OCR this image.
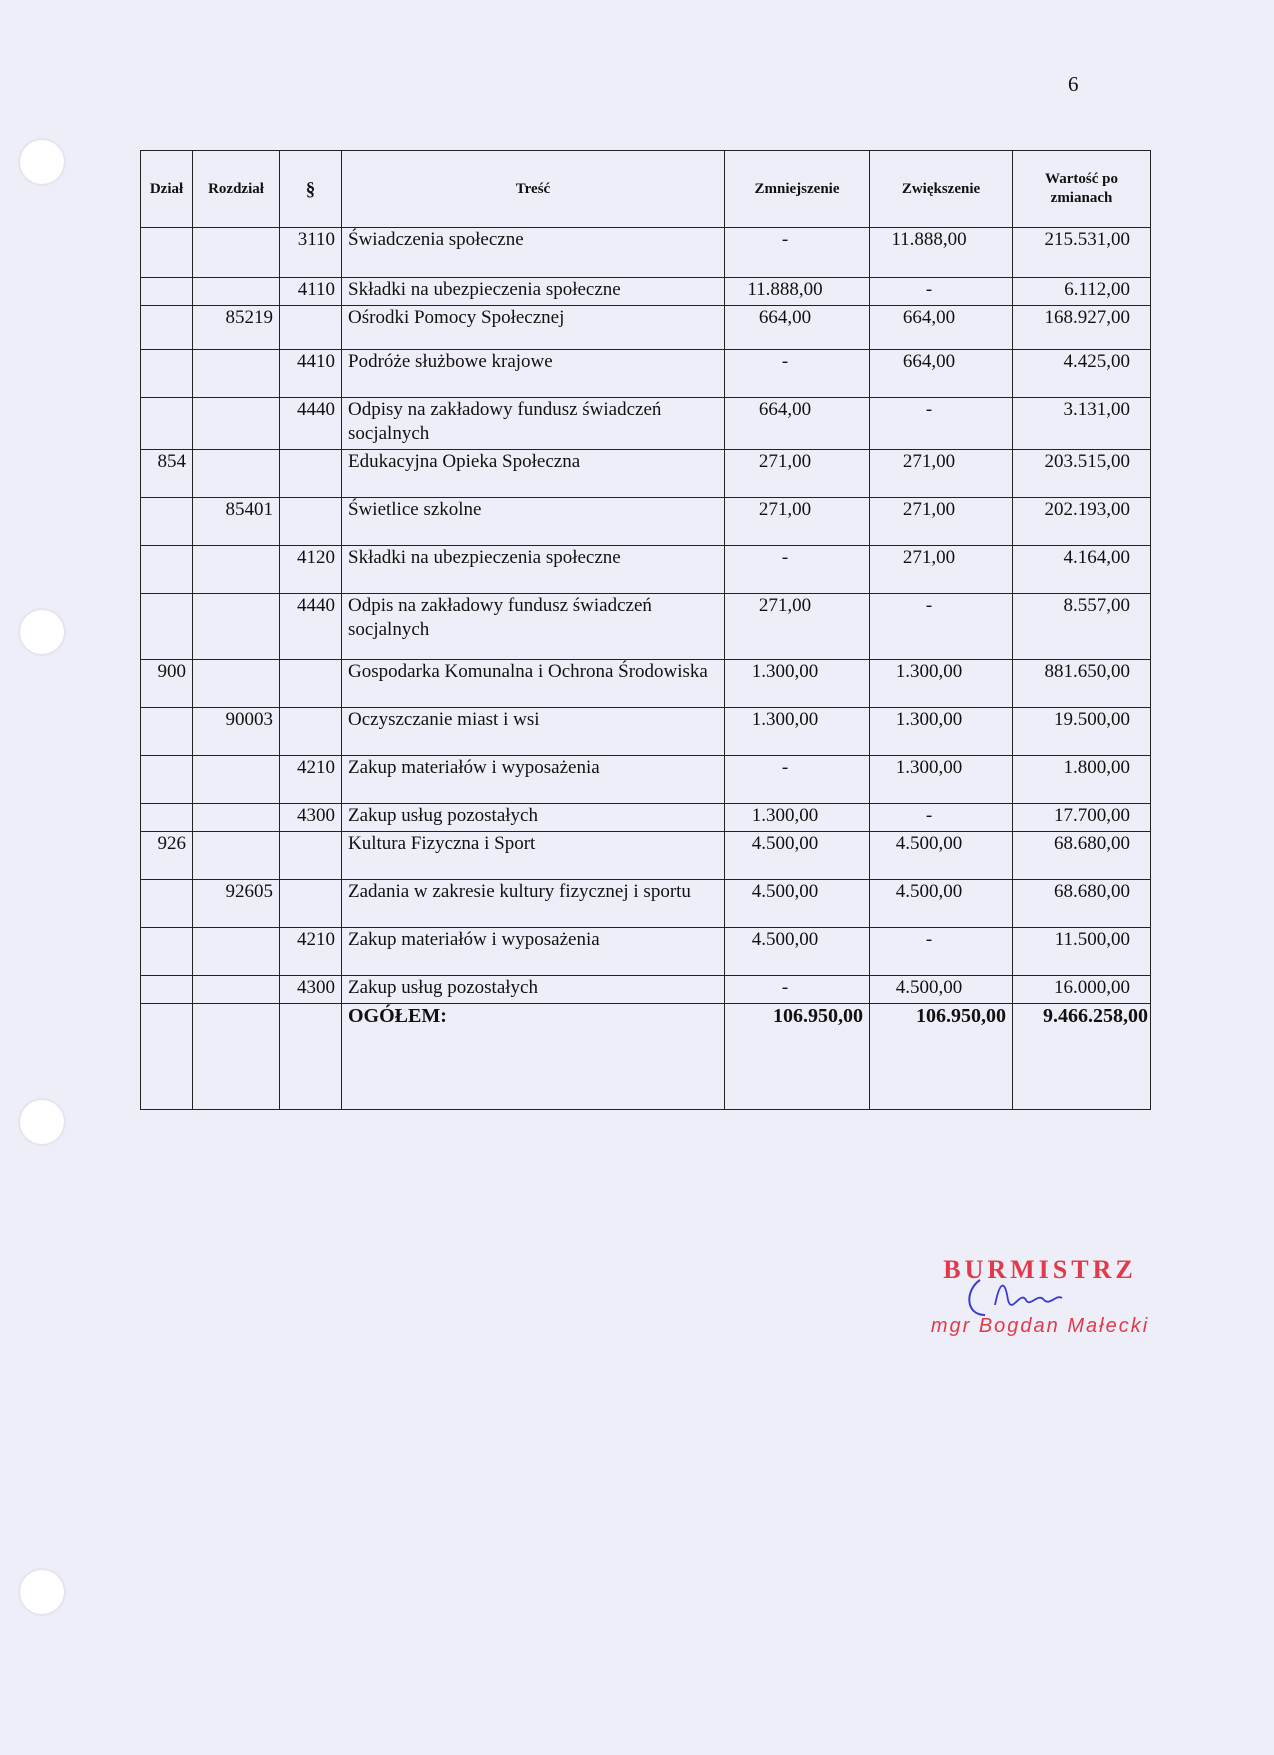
6
Dział	Rozdział	§	Treść	Zmniejszenie	Zwiększenie	Wartość po zmianach
		3110	Świadczenia społeczne	-	11.888,00	215.531,00
		4110	Składki na ubezpieczenia społeczne	11.888,00	-	6.112,00
	85219		Ośrodki Pomocy Społecznej	664,00	664,00	168.927,00
		4410	Podróże służbowe krajowe	-	664,00	4.425,00
		4440	Odpisy na zakładowy fundusz świadczeń socjalnych	664,00	-	3.131,00
854			Edukacyjna Opieka Społeczna	271,00	271,00	203.515,00
	85401		Świetlice szkolne	271,00	271,00	202.193,00
		4120	Składki na ubezpieczenia społeczne	-	271,00	4.164,00
		4440	Odpis na zakładowy fundusz świadczeń socjalnych	271,00	-	8.557,00
900			Gospodarka Komunalna i Ochrona Środowiska	1.300,00	1.300,00	881.650,00
	90003		Oczyszczanie miast i wsi	1.300,00	1.300,00	19.500,00
		4210	Zakup materiałów i wyposażenia	-	1.300,00	1.800,00
		4300	Zakup usług pozostałych	1.300,00	-	17.700,00
926			Kultura Fizyczna i Sport	4.500,00	4.500,00	68.680,00
	92605		Zadania w zakresie kultury fizycznej i sportu	4.500,00	4.500,00	68.680,00
		4210	Zakup materiałów i wyposażenia	4.500,00	-	11.500,00
		4300	Zakup usług pozostałych	-	4.500,00	16.000,00
			OGÓŁEM:	106.950,00	106.950,00	9.466.258,00
BURMISTRZ
mgr Bogdan Małecki
